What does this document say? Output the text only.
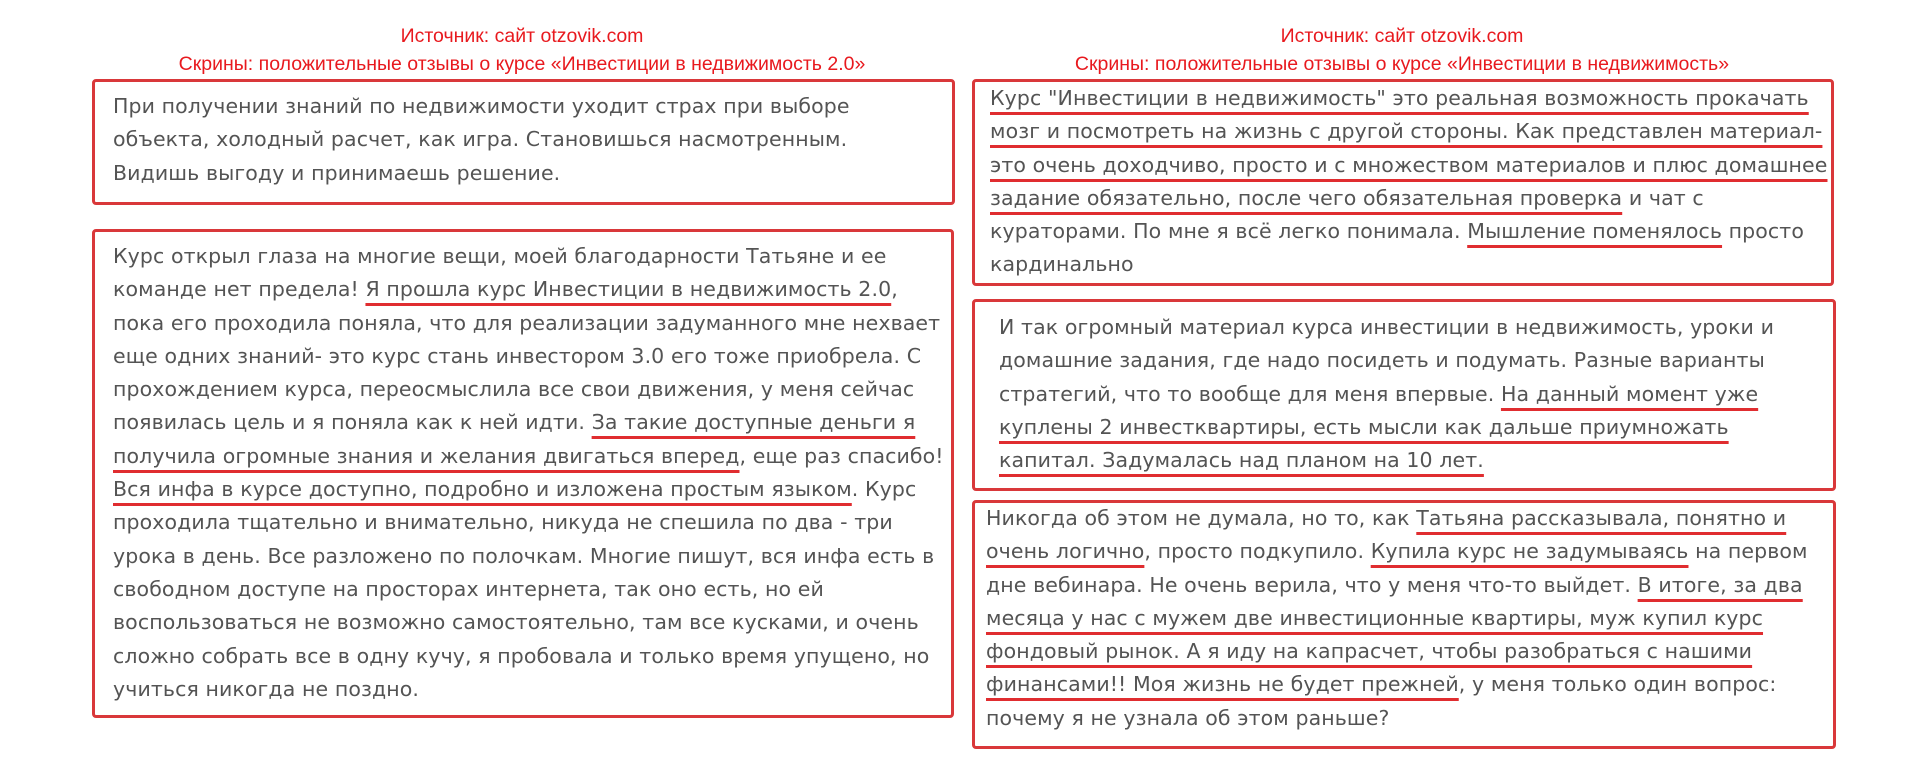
Источник: сайт otzovik.com
Скрины: положительные отзывы о курсе «Инвестиции в недвижимость 2.0»
Источник: сайт otzovik.com
Скрины: положительные отзывы о курсе «Инвестиции в недвижимость»
При получении знаний по недвижимости уходит страх при выборе объекта, холодный расчет, как игра. Становишься насмотренным. Видишь выгоду и принимаешь решение.
Курс открыл глаза на многие вещи, моей благодарности Татьяне и ее команде нет предела! Я прошла курс Инвестиции в недвижимость 2.0, пока его проходила поняла, что для реализации задуманного мне нехвает еще одних знаний- это курс стань инвестором 3.0 его тоже приобрела. С прохождением курса, переосмыслила все свои движения, у меня сейчас появилась цель и я поняла как к ней идти. За такие доступные деньги я получила огромные знания и желания двигаться вперед, еще раз спасибо! Вся инфа в курсе доступно, подробно и изложена простым языком. Курс проходила тщательно и внимательно, никуда не спешила по два - три урока в день. Все разложено по полочкам. Многие пишут, вся инфа есть в свободном доступе на просторах интернета, так оно есть, но ей воспользоваться не возможно самостоятельно, там все кусками, и очень сложно собрать все в одну кучу, я пробовала и только время упущено, но учиться никогда не поздно.
Курс "Инвестиции в недвижимость" это реальная возможность прокачать мозг и посмотреть на жизнь с другой стороны. Как представлен материал- это очень доходчиво, просто и с множеством материалов и плюс домашнее задание обязательно, после чего обязательная проверка и чат с кураторами. По мне я всё легко понимала. Мышление поменялось просто кардинально
И так огромный материал курса инвестиции в недвижимость, уроки и домашние задания, где надо посидеть и подумать. Разные варианты стратегий, что то вообще для меня впервые. На данный момент уже куплены 2 инвестквартиры, есть мысли как дальше приумножать капитал. Задумалась над планом на 10 лет.
Никогда об этом не думала, но то, как Татьяна рассказывала, понятно и очень логично, просто подкупило. Купила курс не задумываясь на первом дне вебинара. Не очень верила, что у меня что-то выйдет. В итоге, за два месяца у нас с мужем две инвестиционные квартиры, муж купил курс фондовый рынок. А я иду на капрасчет, чтобы разобраться с нашими финансами!! Моя жизнь не будет прежней, у меня только один вопрос: почему я не узнала об этом раньше?
